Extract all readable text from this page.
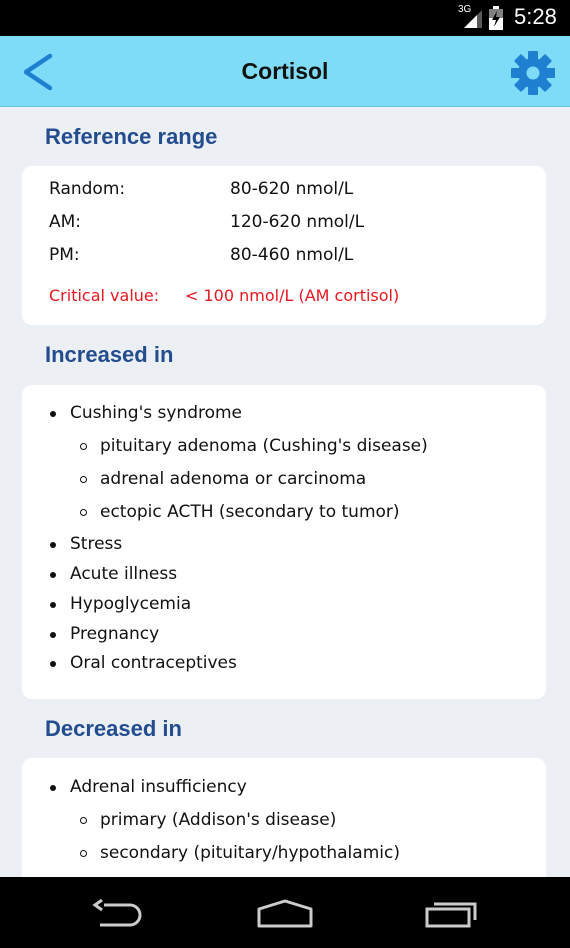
3G 5:28
Cortisol
Reference range
Random:	80-620 nmol/L
AM:	120-620 nmol/L
PM:	80-460 nmol/L
Critical value: < 100 nmol/L (AM cortisol)
Increased in
Cushing's syndrome
pituitary adenoma (Cushing's disease)
adrenal adenoma or carcinoma
ectopic ACTH (secondary to tumor)
Stress
Acute illness
Hypoglycemia
Pregnancy
Oral contraceptives
Decreased in
Adrenal insufficiency
primary (Addison's disease)
secondary (pituitary/hypothalamic)
